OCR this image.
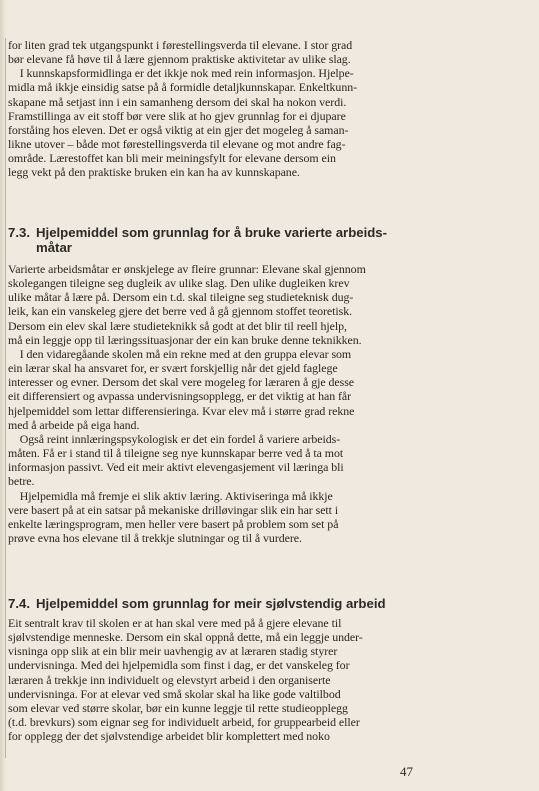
for liten grad tek utgangspunkt i førestellingsverda til elevane. I stor grad
bør elevane få høve til å lære gjennom praktiske aktivitetar av ulike slag.
I kunnskapsformidlinga er det ikkje nok med rein informasjon. Hjelpe-
midla må ikkje einsidig satse på å formidle detaljkunnskapar. Enkeltkunn-
skapane må setjast inn i ein samanheng dersom dei skal ha nokon verdi.
Framstillinga av eit stoff bør vere slik at ho gjev grunnlag for ei djupare
forståing hos eleven. Det er også viktig at ein gjer det mogeleg å saman-
likne utover – både mot førestellingsverda til elevane og mot andre fag-
område. Lærestoffet kan bli meir meiningsfylt for elevane dersom ein
legg vekt på den praktiske bruken ein kan ha av kunnskapane.
7.3. Hjelpemiddel som grunnlag for å bruke varierte arbeids-
måtar
Varierte arbeidsmåtar er ønskjelege av fleire grunnar: Elevane skal gjennom
skolegangen tileigne seg dugleik av ulike slag. Den ulike dugleiken krev
ulike måtar å lære på. Dersom ein t.d. skal tileigne seg studieteknisk dug-
leik, kan ein vanskeleg gjere det berre ved å gå gjennom stoffet teoretisk.
Dersom ein elev skal lære studieteknikk så godt at det blir til reell hjelp,
må ein leggje opp til læringssituasjonar der ein kan bruke denne teknikken.
I den vidaregåande skolen må ein rekne med at den gruppa elevar som
ein lærar skal ha ansvaret for, er svært forskjellig når det gjeld faglege
interesser og evner. Dersom det skal vere mogeleg for læraren å gje desse
eit differensiert og avpassa undervisningsopplegg, er det viktig at han får
hjelpemiddel som lettar differensieringa. Kvar elev må i større grad rekne
med å arbeide på eiga hand.
Også reint innlæringspsykologisk er det ein fordel å variere arbeids-
måten. Få er i stand til å tileigne seg nye kunnskapar berre ved å ta mot
informasjon passivt. Ved eit meir aktivt elevengasjement vil læringa bli
betre.
Hjelpemidla må fremje ei slik aktiv læring. Aktiviseringa må ikkje
vere basert på at ein satsar på mekaniske drilløvingar slik ein har sett i
enkelte læringsprogram, men heller vere basert på problem som set på
prøve evna hos elevane til å trekkje slutningar og til å vurdere.
7.4. Hjelpemiddel som grunnlag for meir sjølvstendig arbeid
Eit sentralt krav til skolen er at han skal vere med på å gjere elevane til
sjølvstendige menneske. Dersom ein skal oppnå dette, må ein leggje under-
visninga opp slik at ein blir meir uavhengig av at læraren stadig styrer
undervisninga. Med dei hjelpemidla som finst i dag, er det vanskeleg for
læraren å trekkje inn individuelt og elevstyrt arbeid i den organiserte
undervisninga. For at elevar ved små skolar skal ha like gode valtilbod
som elevar ved større skolar, bør ein kunne leggje til rette studieopplegg
(t.d. brevkurs) som eignar seg for individuelt arbeid, for gruppearbeid eller
for opplegg der det sjølvstendige arbeidet blir komplettert med noko
47
